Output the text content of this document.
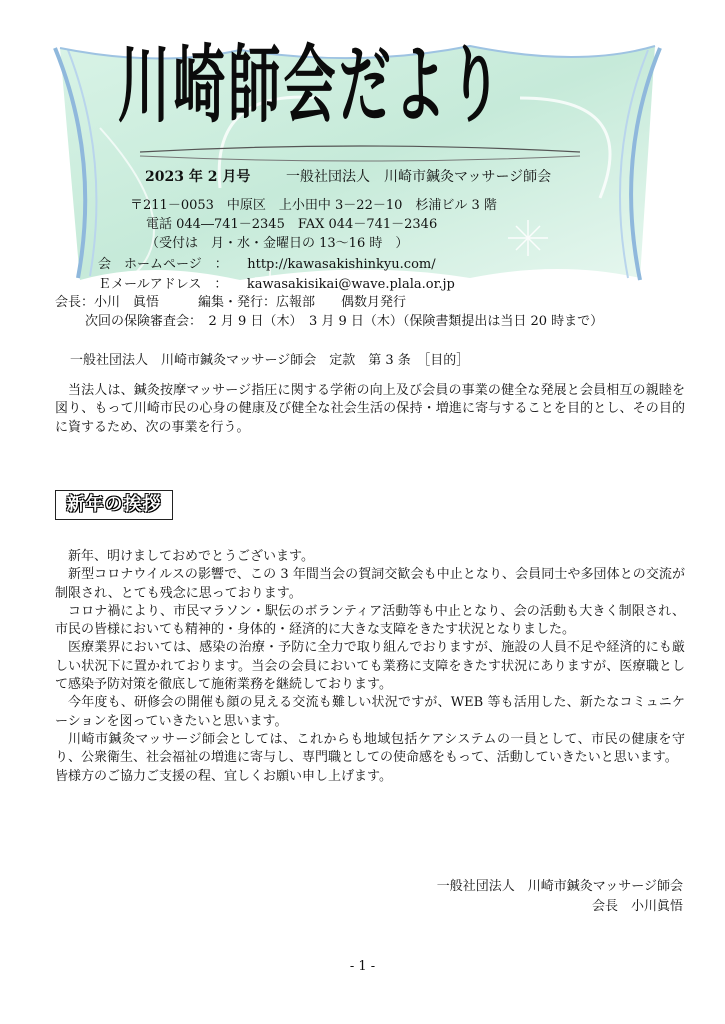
川崎師会だより
2023 年 2 月号	一般社団法人　川崎市鍼灸マッサージ師会
〒211－0053　中原区　上小田中 3－22－10　杉浦ビル 3 階
電話 044―741－2345　FAX 044－741－2346
（受付は　月・水・金曜日の 13～16 時　）
会　ホームページ　：　　http://kawasakishinkyu.com/
Ｅメールアドレス　：　　kawasakisikai@wave.plala.or.jp
会長：小川　眞悟　　　編集・発行：広報部　　偶数月発行
次回の保険審査会：　2 月 9 日（木）　3 月 9 日（木）（保険書類提出は当日 20 時まで）
一般社団法人　川崎市鍼灸マッサージ師会　定款　第 3 条　［目的］

当法人は、鍼灸按摩マッサージ指圧に関する学術の向上及び会員の事業の健全な発展と会員相互の親睦を図り、もって川崎市民の心身の健康及び健全な社会生活の保持・増進に寄与することを目的とし、その目的に資するため、次の事業を行う。

新年の挨拶

新年、明けましておめでとうございます。

新型コロナウイルスの影響で、この 3 年間当会の賀詞交歓会も中止となり、会員同士や多団体との交流が制限され、とても残念に思っております。

コロナ禍により、市民マラソン・駅伝のボランティア活動等も中止となり、会の活動も大きく制限され、市民の皆様においても精神的・身体的・経済的に大きな支障をきたす状況となりました。

医療業界においては、感染の治療・予防に全力で取り組んでおりますが、施設の人員不足や経済的にも厳しい状況下に置かれております。当会の会員においても業務に支障をきたす状況にありますが、医療職として感染予防対策を徹底して施術業務を継続しております。

今年度も、研修会の開催も顔の見える交流も難しい状況ですが、WEB 等も活用した、新たなコミュニケーションを図っていきたいと思います。

川崎市鍼灸マッサージ師会としては、これからも地域包括ケアシステムの一員として、市民の健康を守り、公衆衛生、社会福祉の増進に寄与し、専門職としての使命感をもって、活動していきたいと思います。

皆様方のご協力ご支援の程、宜しくお願い申し上げます。

一般社団法人　川崎市鍼灸マッサージ師会
会長　小川眞悟
- 1 -
